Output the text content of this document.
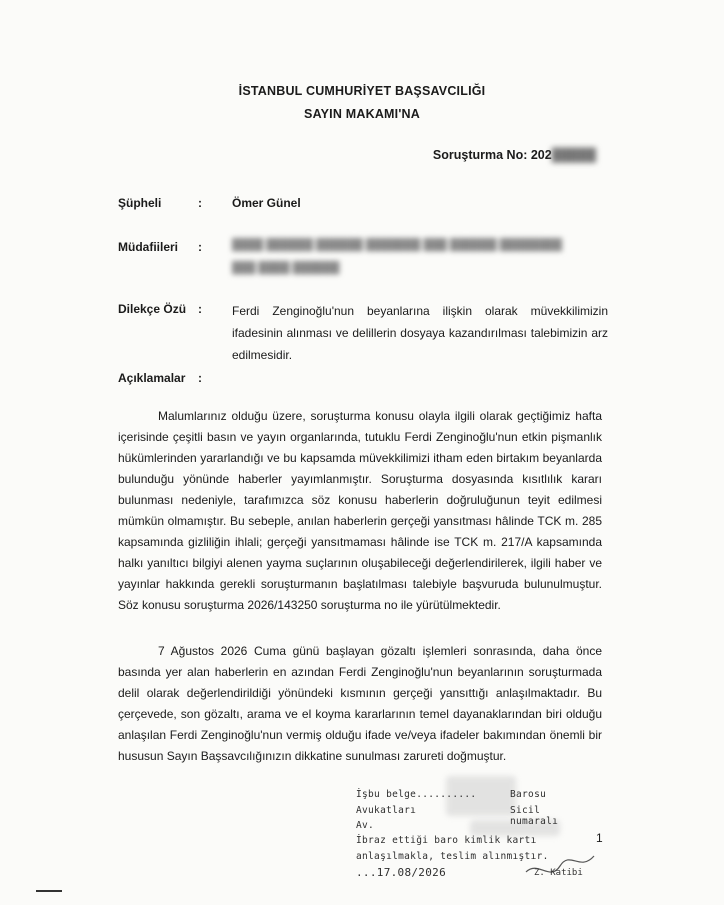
İSTANBUL CUMHURİYET BAŞSAVCILIĞI
SAYIN MAKAMI'NA
Soruşturma No: 202█████
Şüpheli	:	Ömer Günel
Müdafiileri :	████ ██████ ██████ ███████ ███ ██████ ████████
███ ████ ██████
Dilekçe Özü :	Ferdi Zenginoğlu'nun beyanlarına ilişkin olarak müvekkilimizin ifadesinin alınması ve delillerin dosyaya kazandırılması talebimizin arz edilmesidir.
Açıklamalar :
Malumlarınız olduğu üzere, soruşturma konusu olayla ilgili olarak geçtiğimiz hafta içerisinde çeşitli basın ve yayın organlarında, tutuklu Ferdi Zenginoğlu'nun etkin pişmanlık hükümlerinden yararlandığı ve bu kapsamda müvekkilimizi itham eden birtakım beyanlarda bulunduğu yönünde haberler yayımlanmıştır. Soruşturma dosyasında kısıtlılık kararı bulunması nedeniyle, tarafımızca söz konusu haberlerin doğruluğunun teyit edilmesi mümkün olmamıştır. Bu sebeple, anılan haberlerin gerçeği yansıtması hâlinde TCK m. 285 kapsamında gizliliğin ihlali; gerçeği yansıtmaması hâlinde ise TCK m. 217/A kapsamında halkı yanıltıcı bilgiyi alenen yayma suçlarının oluşabileceği değerlendirilerek, ilgili haber ve yayınlar hakkında gerekli soruşturmanın başlatılması talebiyle başvuruda bulunulmuştur. Söz konusu soruşturma 2026/143250 soruşturma no ile yürütülmektedir.
7 Ağustos 2026 Cuma günü başlayan gözaltı işlemleri sonrasında, daha önce basında yer alan haberlerin en azından Ferdi Zenginoğlu'nun beyanlarının soruşturmada delil olarak değerlendirildiği yönündeki kısmının gerçeği yansıttığı anlaşılmaktadır. Bu çerçevede, son gözaltı, arama ve el koyma kararlarının temel dayanaklarından biri olduğu anlaşılan Ferdi Zenginoğlu'nun vermiş olduğu ifade ve/veya ifadeler bakımından önemli bir hususun Sayın Başsavcılığınızın dikkatine sunulması zarureti doğmuştur.
İşbu belge..........	Barosu
Avukatları	Sicil numaralı
Av.
İbraz ettiği baro kimlik kartı
anlaşılmakla, teslim alınmıştır.
...17.08/2026
1
Z. Katibi
